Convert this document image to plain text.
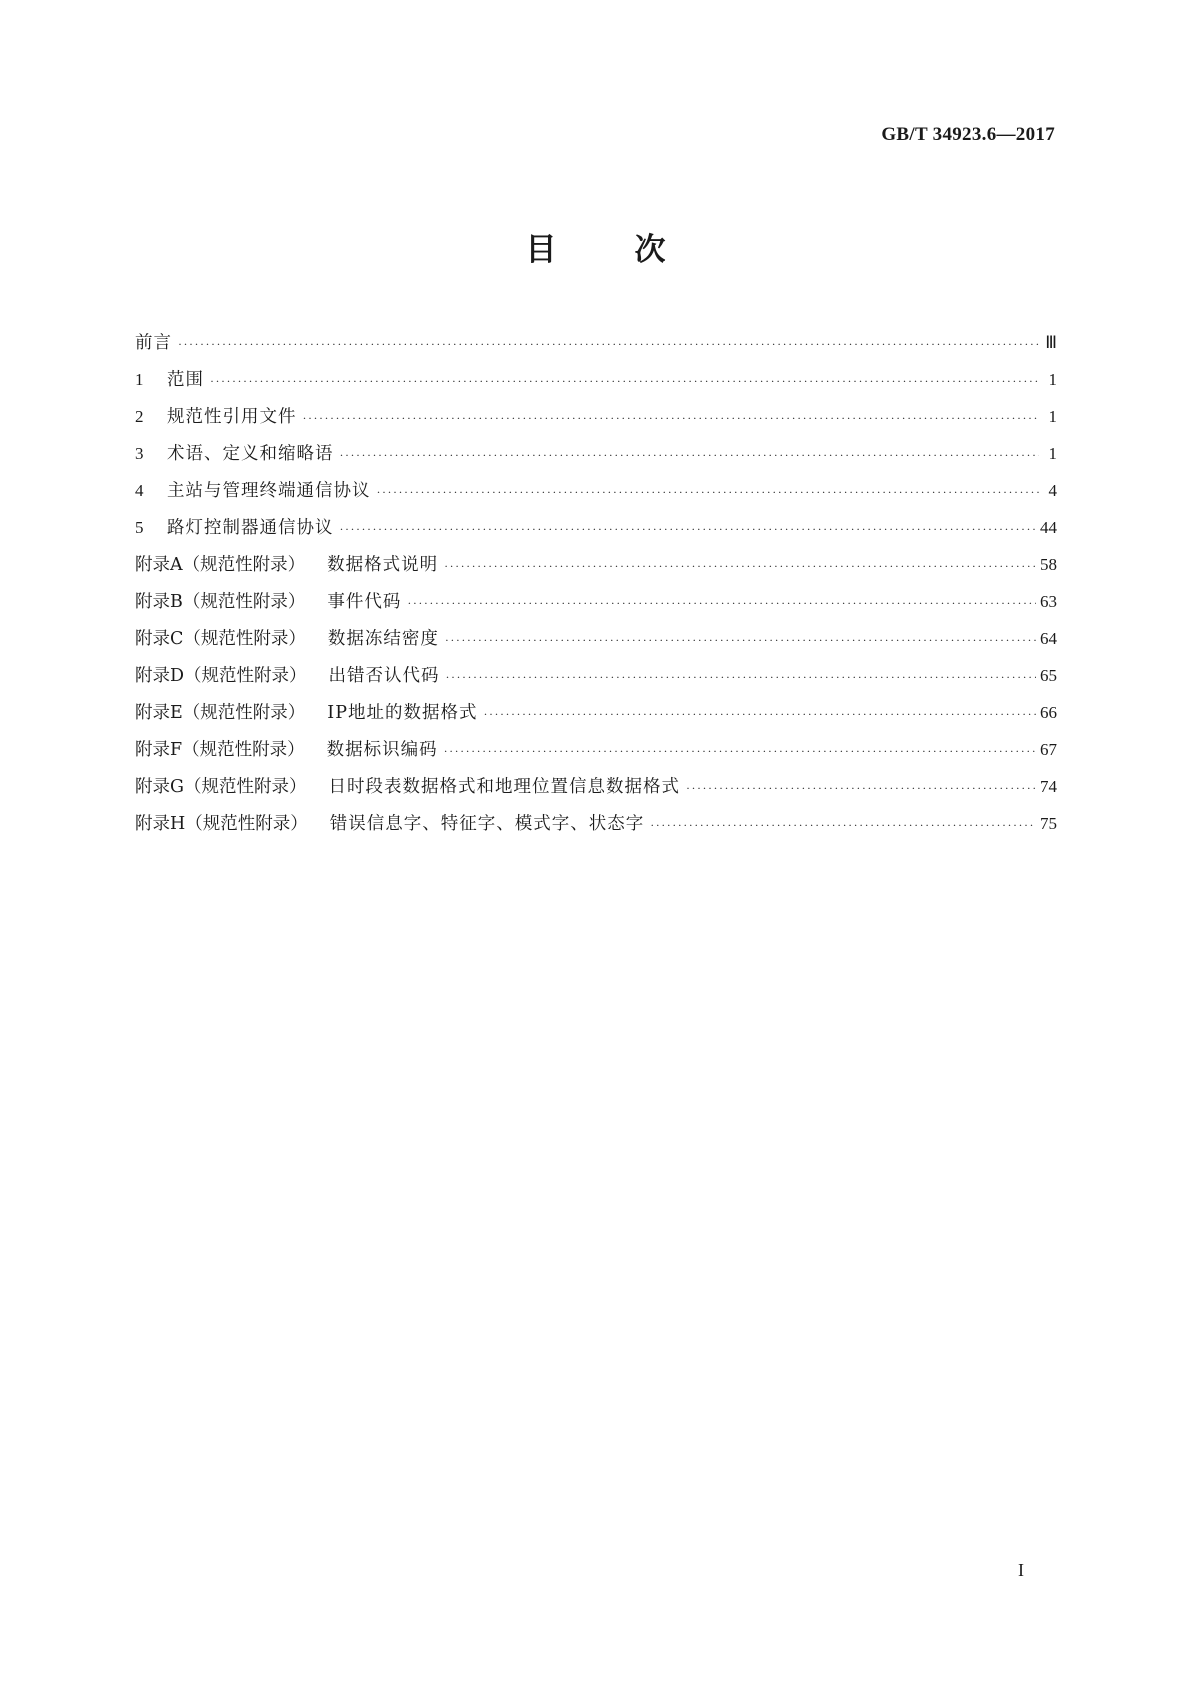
GB/T 34923.6—2017
目次
前言 ·····	Ⅲ
1	范围 ·····	1
2	规范性引用文件 ·····	1
3	术语、定义和缩略语 ·····	1
4	主站与管理终端通信协议 ·····	4
5	路灯控制器通信协议 ·····	44
附录A（规范性附录） 数据格式说明 ·····	58
附录B（规范性附录） 事件代码 ·····	63
附录C（规范性附录） 数据冻结密度 ·····	64
附录D（规范性附录） 出错否认代码 ·····	65
附录E（规范性附录） IP地址的数据格式 ·····	66
附录F（规范性附录） 数据标识编码 ·····	67
附录G（规范性附录） 日时段表数据格式和地理位置信息数据格式 ·····	74
附录H（规范性附录） 错误信息字、特征字、模式字、状态字 ·····	75
I
